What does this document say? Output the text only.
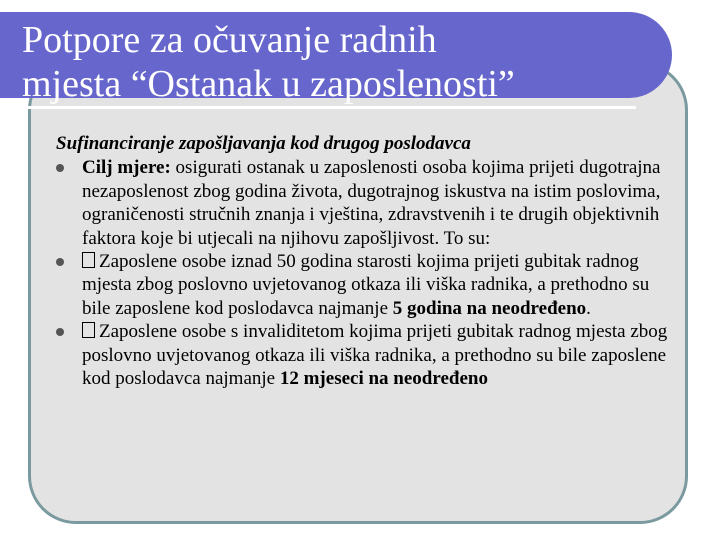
Potpore za očuvanje radnih
mjesta “Ostanak u zaposlenosti”

Sufinanciranje zapošljavanja kod drugog poslodavca

Cilj mjere: osigurati ostanak u zaposlenosti osoba kojima prijeti dugotrajna nezaposlenost zbog godina života, dugotrajnog iskustva na istim poslovima, ograničenosti stručnih znanja i vještina, zdravstvenih i te drugih objektivnih faktora koje bi utjecali na njihovu zapošljivost. To su:
Zaposlene osobe iznad 50 godina starosti kojima prijeti gubitak radnog mjesta zbog poslovno uvjetovanog otkaza ili viška radnika, a prethodno su bile zaposlene kod poslodavca najmanje 5 godina na neodređeno.
Zaposlene osobe s invaliditetom kojima prijeti gubitak radnog mjesta zbog poslovno uvjetovanog otkaza ili viška radnika, a prethodno su bile zaposlene kod poslodavca najmanje 12 mjeseci na neodređeno
